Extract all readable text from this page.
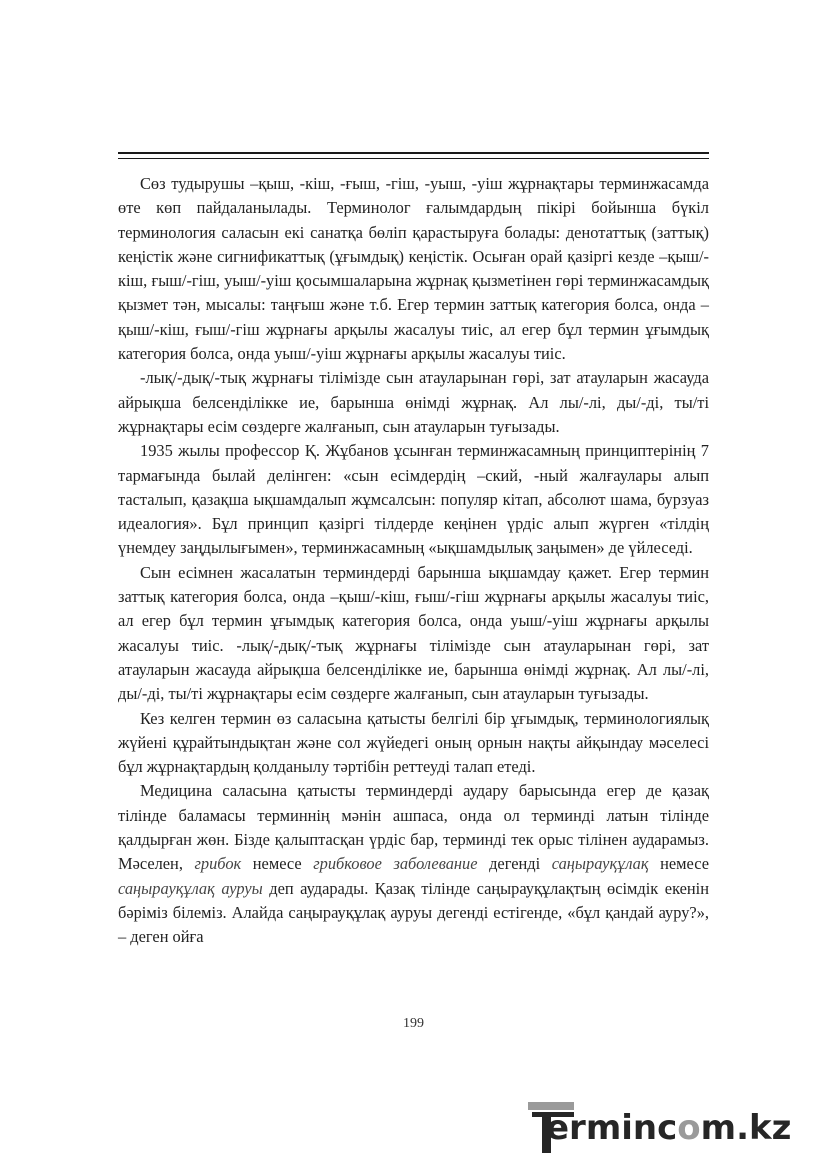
Сөз тудырушы –қыш, -кіш, -ғыш, -гіш, -уыш, -уіш жұрнақтары терминжасамда өте көп пайдаланылады. Терминолог ғалымдардың пікірі бойынша бүкіл терминология саласын екі санатқа бөліп қарастыруға болады: денотаттық (заттық) кеңістік және сигнификаттық (ұғымдық) кеңістік. Осыған орай қазіргі кезде –қыш/-кіш, ғыш/-гіш, уыш/-уіш қосымшаларына жұрнақ қызметінен гөрі терминжасамдық қызмет тән, мысалы: таңғыш және т.б. Егер термин заттық категория болса, онда –қыш/-кіш, ғыш/-гіш жұрнағы арқылы жасалуы тиіс, ал егер бұл термин ұғымдық категория болса, онда уыш/-уіш жұрнағы арқылы жасалуы тиіс.

-лық/-дық/-тық жұрнағы тілімізде сын атауларынан гөрі, зат атауларын жасауда айрықша белсенділікке ие, барынша өнімді жұрнақ. Ал лы/-лі, ды/-ді, ты/ті жұрнақтары есім сөздерге жалғанып, сын атауларын туғызады.

1935 жылы профессор Қ. Жұбанов ұсынған терминжасамның принциптерінің 7 тармағында былай делінген: «сын есімдердің –ский, -ный жалғаулары алып тасталып, қазақша ықшамдалып жұмсалсын: популяр кітап, абсолют шама, бурзуаз идеалогия». Бұл принцип қазіргі тілдерде кеңінен үрдіс алып жүрген «тілдің үнемдеу заңдылығымен», терминжасамның «ықшамдылық заңымен» де үйлеседі.

Сын есімнен жасалатын терминдерді барынша ықшамдау қажет. Егер термин заттық категория болса, онда –қыш/-кіш, ғыш/-гіш жұрнағы арқылы жасалуы тиіс, ал егер бұл термин ұғымдық категория болса, онда уыш/-уіш жұрнағы арқылы жасалуы тиіс. -лық/-дық/-тық жұрнағы тілімізде сын атауларынан гөрі, зат атауларын жасауда айрықша белсенділікке ие, барынша өнімді жұрнақ. Ал лы/-лі, ды/-ді, ты/ті жұрнақтары есім сөздерге жалғанып, сын атауларын туғызады.

Кез келген термин өз саласына қатысты белгілі бір ұғымдық, терминологиялық жүйені құрайтындықтан және сол жүйедегі оның орнын нақты айқындау мәселесі бұл жұрнақтардың қолданылу тәртібін реттеуді талап етеді.

Медицина саласына қатысты терминдерді аудару барысында егер де қазақ тілінде баламасы терминнің мәнін ашпаса, онда ол терминді латын тілінде қалдырған жөн. Бізде қалыптасқан үрдіс бар, терминді тек орыс тілінен аударамыз. Мәселен, грибок немесе грибковое заболевание дегенді саңырауқұлақ немесе саңырауқұлақ ауруы деп аударады. Қазақ тілінде саңырауқұлақтың өсімдік екенін бәріміз білеміз. Алайда саңырауқұлақ ауруы дегенді естігенде, «бұл қандай ауру?», – деген ойға

199
ermincom.kz
